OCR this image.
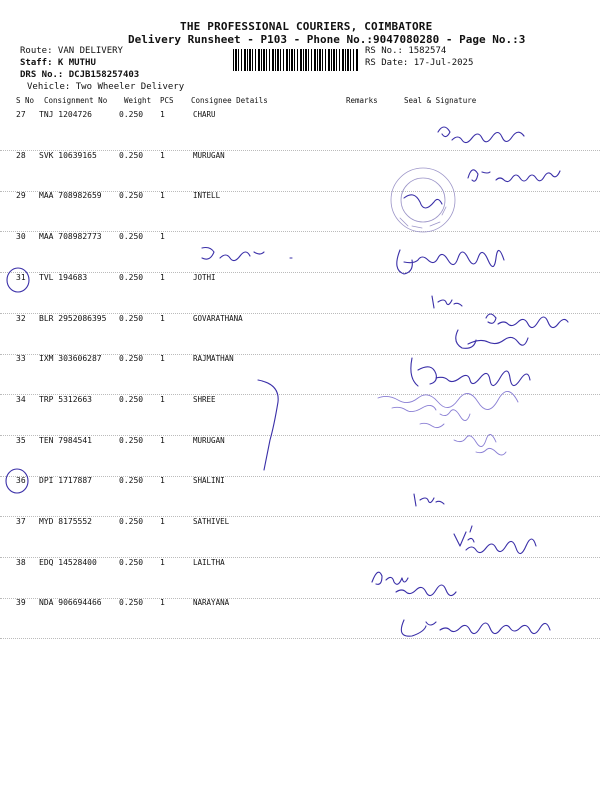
THE PROFESSIONAL COURIERS, COIMBATORE
Delivery Runsheet - P103 - Phone No.:9047080280 - Page No.:3
Route: VAN DELIVERY
Staff: K MUTHU
DRS No.: DCJB158257403
Vehicle: Two Wheeler Delivery
RS No.: 1582574
RS Date: 17-Jul-2025
S No Consignment No Weight PCS Consignee Details	Remarks	Seal & Signature
27 TNJ 1204726	0.250 1	CHARU
28 SVK 10639165	0.250 1	MURUGAN
29 MAA 708982659 0.250 1	INTELL
30 MAA 708982773 0.250 1
31 TVL 194683	0.250 1	JOTHI
32 BLR 2952086395 0.250 1	GOVARATHANA
33 IXM 303606287 0.250 1	RAJMATHAN
34 TRP 5312663	0.250 1	SHREE
35 TEN 7984541	0.250 1	MURUGAN
36 DPI 1717887	0.250 1	SHALINI
37 MYD 8175552	0.250 1	SATHIVEL
38 EDQ 14528400	0.250 1	LAILTHA
39 NDA 906694466 0.250 1	NARAYANA
